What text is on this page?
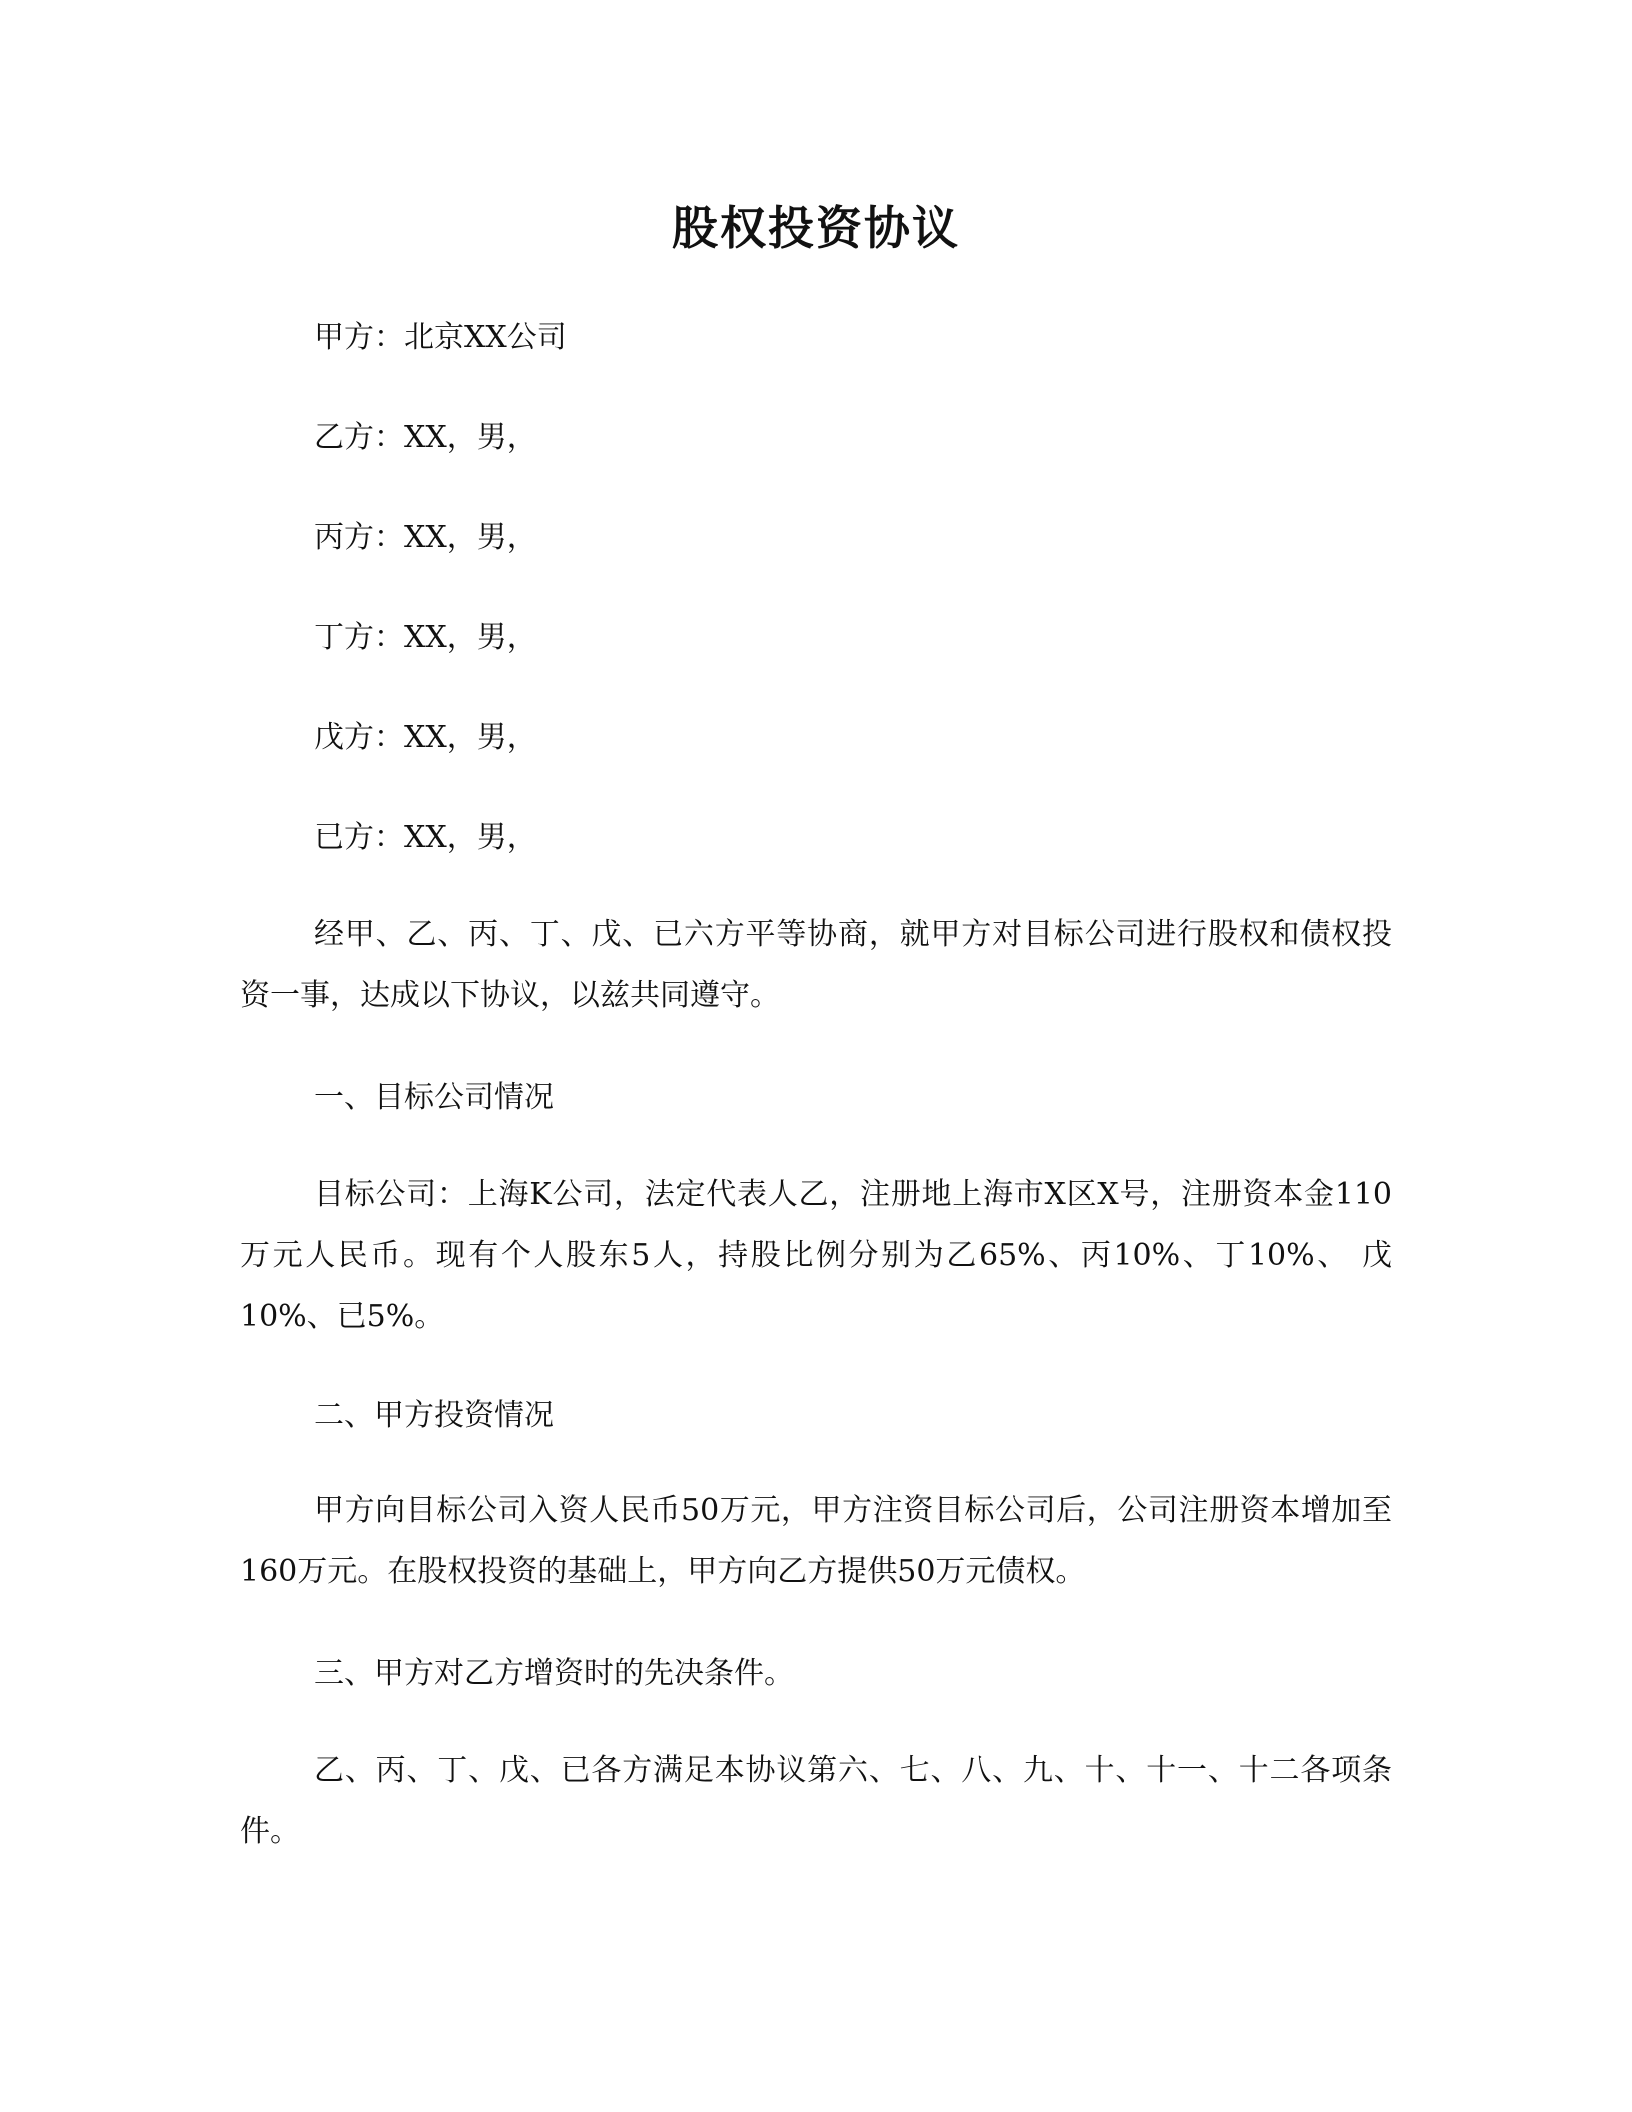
股权投资协议

甲方：北京XX公司

乙方：XX，男，

丙方：XX，男，

丁方：XX，男，

戊方：XX，男，

已方：XX，男，

经甲、乙、丙、丁、戊、已六方平等协商，就甲方对目标公司进行股权和债权投资一事，达成以下协议，以兹共同遵守。

一、目标公司情况

目标公司：上海K公司，法定代表人乙，注册地上海市X区X号，注册资本金110万元人民币。现有个人股东5人，持股比例分别为乙65%、丙10%、丁10%、 戊10%、已5%。

二、甲方投资情况

甲方向目标公司入资人民币50万元，甲方注资目标公司后，公司注册资本增加至160万元。在股权投资的基础上，甲方向乙方提供50万元债权。

三、甲方对乙方增资时的先决条件。

乙、丙、丁、戊、已各方满足本协议第六、七、八、九、十、十一、十二各项条件。
